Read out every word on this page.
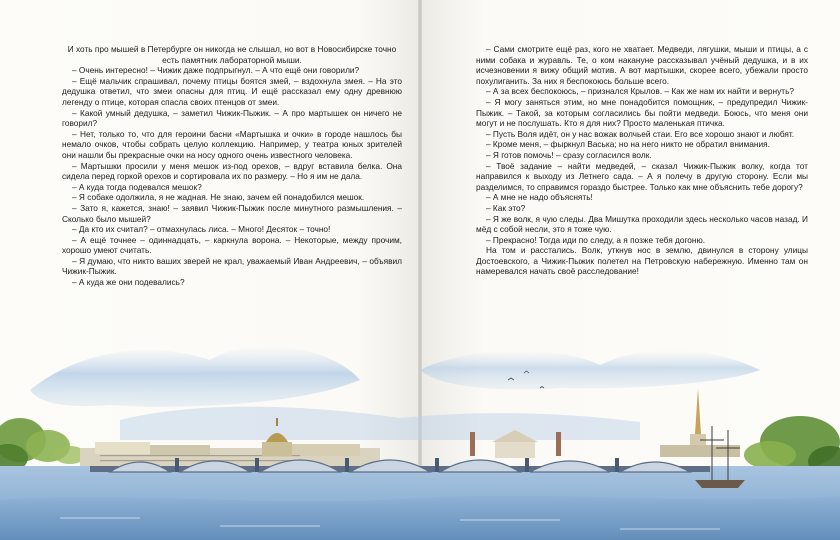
И хоть про мышей в Петербурге он никогда не слышал, но вот в Новосибирске точно есть памятник лабораторной мыши.

– Очень интересно! – Чижик даже подпрыгнул. – А что ещё они говорили?

– Ещё мальчик спрашивал, почему птицы боятся змей, – вздохнула змея. – На это дедушка ответил, что змеи опасны для птиц. И ещё рассказал ему одну древнюю легенду о птице, которая спасла своих птенцов от змеи.

– Какой умный дедушка, – заметил Чижик-Пыжик. – А про мартышек он ничего не говорил?

– Нет, только то, что для героини басни «Мартышка и очки» в городе нашлось бы немало очков, чтобы собрать целую коллекцию. Например, у театра юных зрителей они нашли бы прекрасные очки на носу одного очень известного человека.

– Мартышки просили у меня мешок из-под орехов, – вдруг вставила белка. Она сидела перед горкой орехов и сортировала их по размеру. – Но я им не дала.

– А куда тогда подевался мешок?

– Я собаке одолжила, я не жадная. Не знаю, зачем ей понадобился мешок.

– Зато я, кажется, знаю! – заявил Чижик-Пыжик после минутного размышления. – Сколько было мышей?

– Да кто их считал? – отмахнулась лиса. – Много! Десяток – точно!

– А ещё точнее – одиннадцать, – каркнула ворона. – Некоторые, между прочим, хорошо умеют считать.

– Я думаю, что никто ваших зверей не крал, уважаемый Иван Андреевич, – объявил Чижик-Пыжик.

– А куда же они подевались?

– Сами смотрите ещё раз, кого не хватает. Медведи, лягушки, мыши и птицы, а с ними собака и журавль. Те, о ком накануне рассказывал учёный дедушка, и в их исчезновении я вижу общий мотив. А вот мартышки, скорее всего, убежали просто похулиганить. За них я беспокоюсь больше всего.

– А за всех беспокоюсь, – признался Крылов. – Как же нам их найти и вернуть?

– Я могу заняться этим, но мне понадобится помощник, – предупредил Чижик-Пыжик. – Такой, за которым согласились бы пойти медведи. Боюсь, что меня они могут и не послушать. Кто я для них? Просто маленькая птичка.

– Пусть Воля идёт, он у нас вожак волчьей стаи. Его все хорошо знают и любят.

– Кроме меня, – фыркнул Васька; но на него никто не обратил внимания.

– Я готов помочь! – сразу согласился волк.

– Твоё задание – найти медведей, – сказал Чижик-Пыжик волку, когда тот направился к выходу из Летнего сада. – А я полечу в другую сторону. Если мы разделимся, то справимся гораздо быстрее. Только как мне объяснить тебе дорогу?

– А мне не надо объяснять!

– Как это?

– Я же волк, я чую следы. Два Мишутка проходили здесь несколько часов назад. И мёд с собой несли, это я тоже чую.

– Прекрасно! Тогда иди по следу, а я позже тебя догоню.

На том и расстались. Волк, уткнув нос в землю, двинулся в сторону улицы Достоевского, а Чижик-Пыжик полетел на Петровскую набережную. Именно там он намеревался начать своё расследование!
